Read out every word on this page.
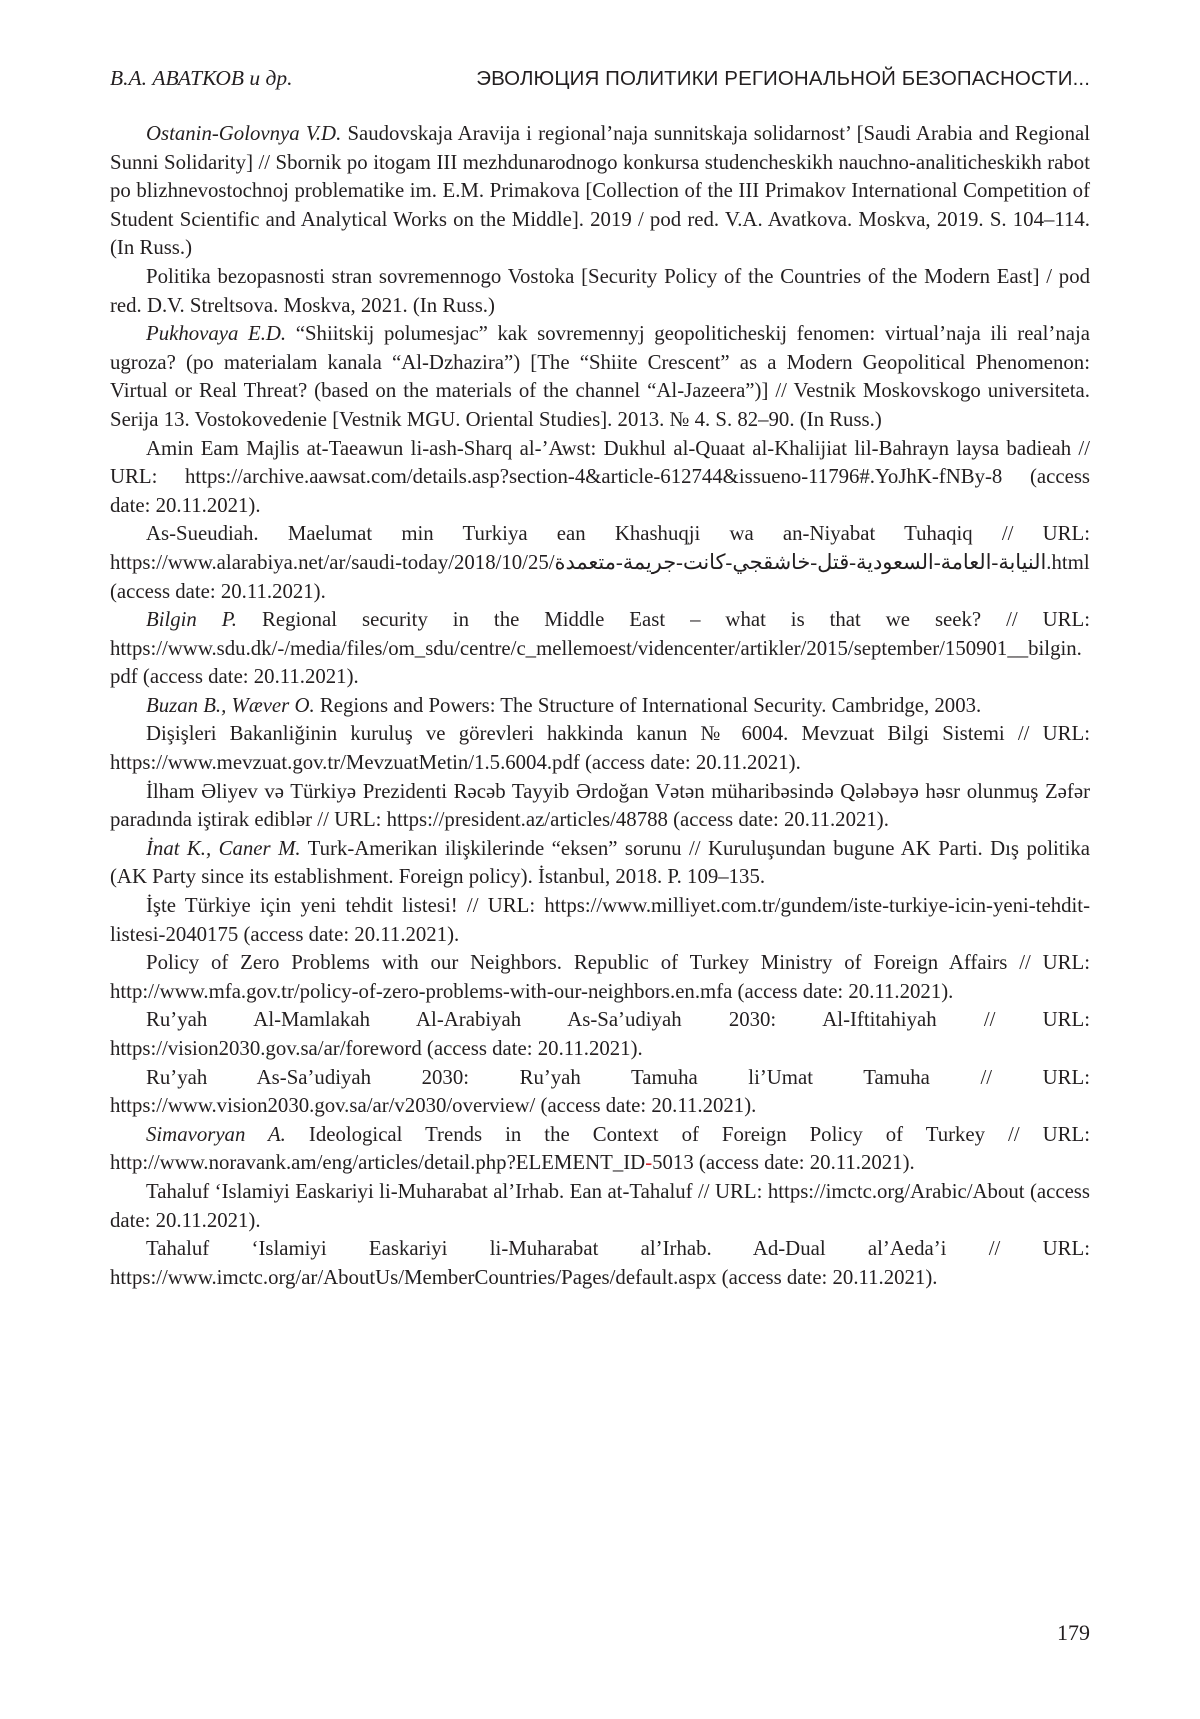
В.А. АВАТКОВ и др.	ЭВОЛЮЦИЯ ПОЛИТИКИ РЕГИОНАЛЬНОЙ БЕЗОПАСНОСТИ...

Ostanin-Golovnya V.D. Saudovskaja Aravija i regional’naja sunnitskaja solidarnost’ [Saudi Arabia and Regional Sunni Solidarity] // Sbornik po itogam III mezhdunarodnogo konkursa studencheskikh nauchno-analiticheskikh rabot po blizhnevostochnoj problematike im. E.M. Primakova [Collection of the III Primakov International Competition of Student Scientific and Analytical Works on the Middle]. 2019 / pod red. V.A. Avatkova. Moskva, 2019. S. 104–114. (In Russ.)

Politika bezopasnosti stran sovremennogo Vostoka [Security Policy of the Countries of the Modern East] / pod red. D.V. Streltsova. Moskva, 2021. (In Russ.)

Pukhovaya E.D. “Shiitskij polumesjac” kak sovremennyj geopoliticheskij fenomen: virtual’naja ili real’naja ugroza? (po materialam kanala “Al-Dzhazira”) [The “Shiite Crescent” as a Modern Geopolitical Phenomenon: Virtual or Real Threat? (based on the materials of the channel “Al-Jazeera”)] // Vestnik Moskovskogo universiteta. Serija 13. Vostokovedenie [Vestnik MGU. Oriental Studies]. 2013. № 4. S. 82–90. (In Russ.)

Amin Eam Majlis at-Taeawun li-ash-Sharq al-’Awst: Dukhul al-Quaat al-Khalijiat lil-Bahrayn laysa badieah // URL: https://archive.aawsat.com/details.asp?section-4&article-612744&issueno-11796#.YoJhK-fNBy-8 (access date: 20.11.2021).

As-Sueudiah. Maelumat min Turkiya ean Khashuqji wa an-Niyabat Tuhaqiq // URL: https://www.alarabiya.net/ar/saudi-today/2018/10/25/النيابة-العامة-السعودية-قتل-خاشقجي-كانت-جريمة-متعمدة.html (access date: 20.11.2021).

Bilgin P. Regional security in the Middle East – what is that we seek? // URL: https://www.sdu.dk/-/media/files/om_sdu/centre/c_mellemoest/videncenter/artikler/2015/september/150901__bilgin.pdf (access date: 20.11.2021).

Buzan B., Wæver O. Regions and Powers: The Structure of International Security. Cambridge, 2003.

Dişişleri Bakanliğinin kuruluş ve görevleri hakkinda kanun № 6004. Mevzuat Bilgi Sistemi // URL: https://www.mevzuat.gov.tr/MevzuatMetin/1.5.6004.pdf (access date: 20.11.2021).

İlham Əliyev və Türkiyə Prezidenti Rəcəb Tayyib Ərdoğan Vətən müharibəsində Qələbəyə həsr olunmuş Zəfər paradında iştirak ediblər // URL: https://president.az/articles/48788 (access date: 20.11.2021).

İnat K., Caner M. Turk-Amerikan ilişkilerinde “eksen” sorunu // Kuruluşundan bugune AK Parti. Dış politika (AK Party since its establishment. Foreign policy). İstanbul, 2018. P. 109–135.

İşte Türkiye için yeni tehdit listesi! // URL: https://www.milliyet.com.tr/gundem/iste-turkiye-icin-yeni-tehdit-listesi-2040175 (access date: 20.11.2021).

Policy of Zero Problems with our Neighbors. Republic of Turkey Ministry of Foreign Affairs // URL: http://www.mfa.gov.tr/policy-of-zero-problems-with-our-neighbors.en.mfa (access date: 20.11.2021).

Ru’yah Al-Mamlakah Al-Arabiyah As-Sa’udiyah 2030: Al-Iftitahiyah // URL: https://vision2030.gov.sa/ar/foreword (access date: 20.11.2021).

Ru’yah As-Sa’udiyah 2030: Ru’yah Tamuha li’Umat Tamuha // URL: https://www.vision2030.gov.sa/ar/v2030/overview/ (access date: 20.11.2021).

Simavoryan A. Ideological Trends in the Context of Foreign Policy of Turkey // URL: http://www.noravank.am/eng/articles/detail.php?ELEMENT_ID-5013 (access date: 20.11.2021).

Tahaluf ‘Islamiyi Easkariyi li-Muharabat al’Irhab. Ean at-Tahaluf // URL: https://imctc.org/Arabic/About (access date: 20.11.2021).

Tahaluf ‘Islamiyi Easkariyi li-Muharabat al’Irhab. Ad-Dual al’Aeda’i // URL: https://www.imctc.org/ar/AboutUs/MemberCountries/Pages/default.aspx (access date: 20.11.2021).

179
